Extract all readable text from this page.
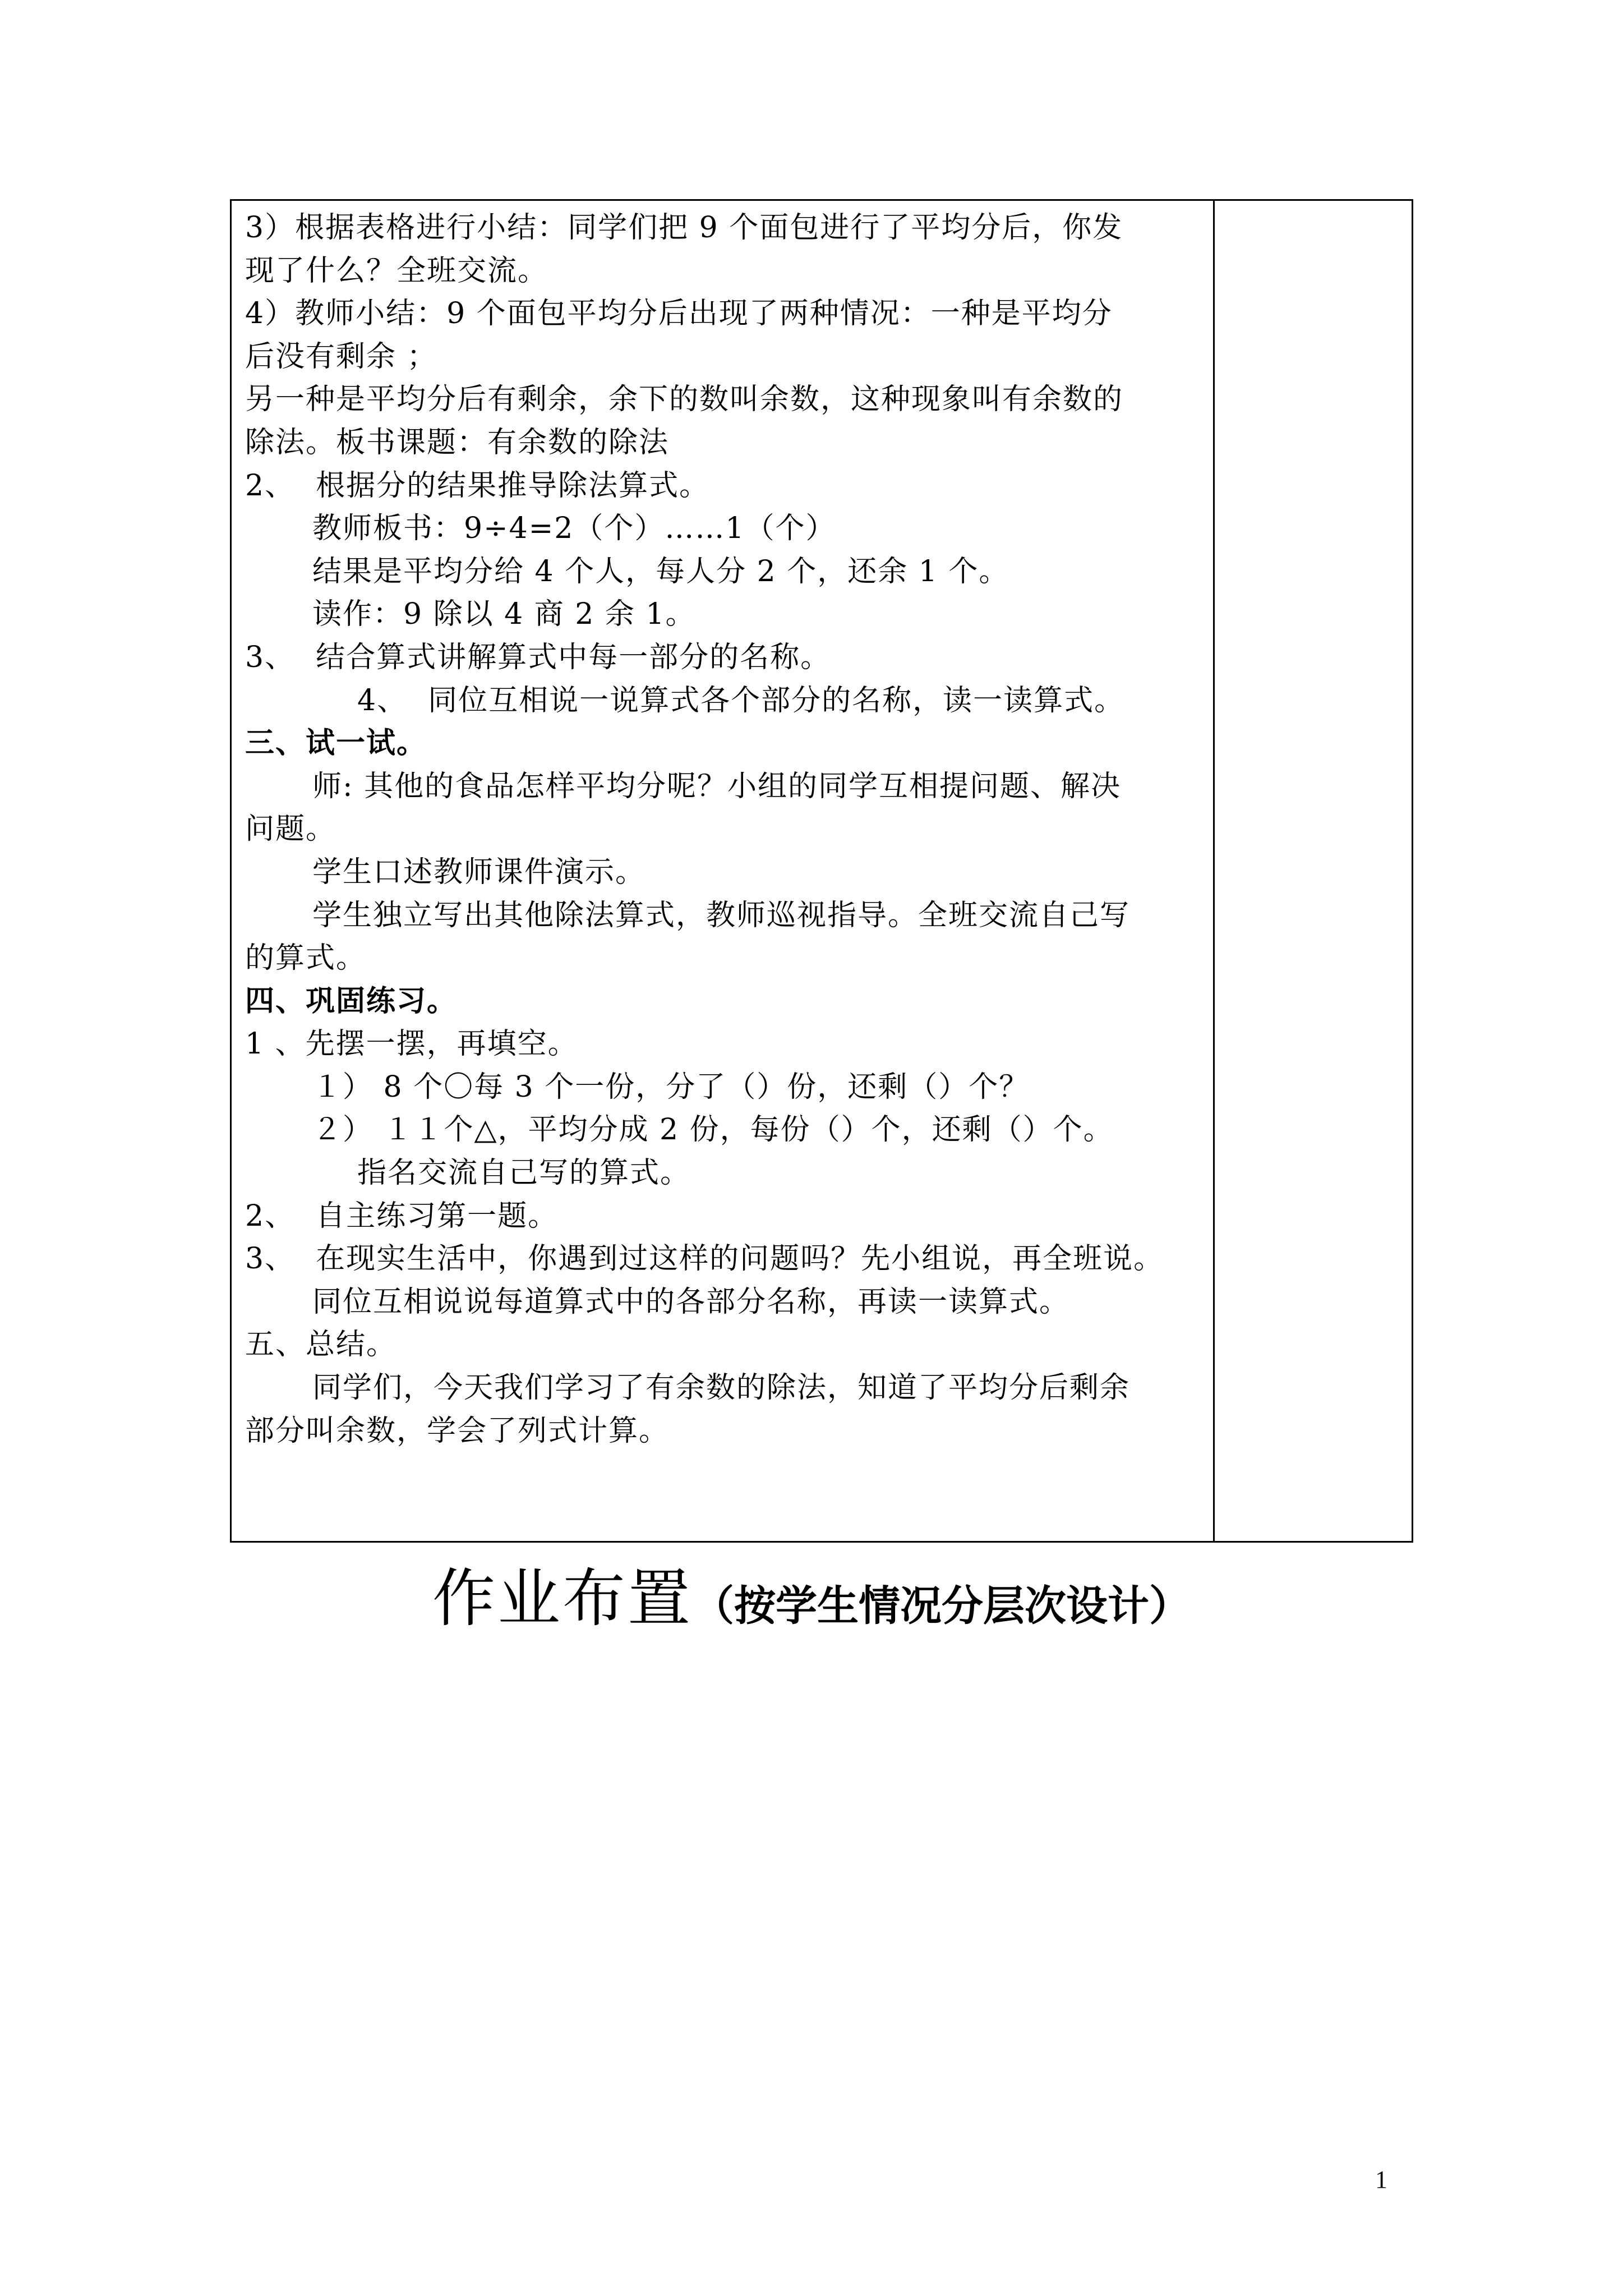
3）根据表格进行小结：同学们把 9 个面包进行了平均分后，你发
现了什么？全班交流。
4）教师小结：9 个面包平均分后出现了两种情况：一种是平均分
后没有剩余 ；
另一种是平均分后有剩余，余下的数叫余数，这种现象叫有余数的
除法。板书课题：有余数的除法
2、  根据分的结果推导除法算式。
教师板书：9÷4=2（个）……1（个）
结果是平均分给 4 个人，每人分 2 个，还余 1 个。
读作：9 除以 4 商 2 余 1。
3、  结合算式讲解算式中每一部分的名称。
4、  同位互相说一说算式各个部分的名称，读一读算式。
三、试一试。
师: 其他的食品怎样平均分呢？小组的同学互相提问题、解决
问题。
学生口述教师课件演示。
学生独立写出其他除法算式，教师巡视指导。全班交流自己写
的算式。
四、巩固练习。
1 、先摆一摆，再填空。
１） 8 个〇每 3 个一份，分了（）份，还剩（）个？
２） １１个△，平均分成 2 份，每份（）个，还剩（）个。
指名交流自己写的算式。
2、  自主练习第一题。
3、  在现实生活中，你遇到过这样的问题吗？先小组说，再全班说。
同位互相说说每道算式中的各部分名称，再读一读算式。
五、总结。
同学们，今天我们学习了有余数的除法，知道了平均分后剩余
部分叫余数，学会了列式计算。
作业布置（按学生情况分层次设计）
1
